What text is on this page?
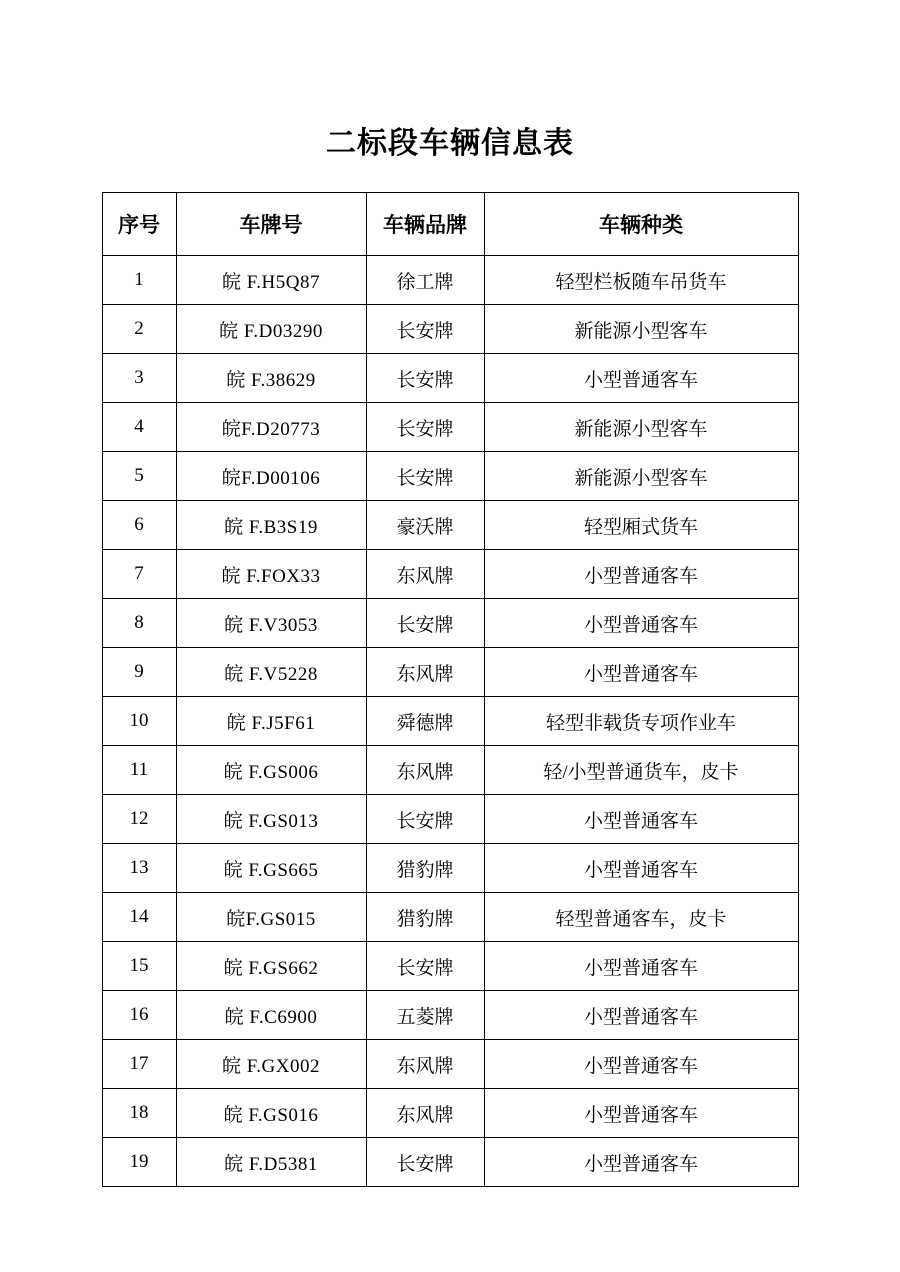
二标段车辆信息表
序号	车牌号	车辆品牌	车辆种类
1	皖 F.H5Q87	徐工牌	轻型栏板随车吊货车
2	皖 F.D03290	长安牌	新能源小型客车
3	皖 F.38629	长安牌	小型普通客车
4	皖F.D20773	长安牌	新能源小型客车
5	皖F.D00106	长安牌	新能源小型客车
6	皖 F.B3S19	豪沃牌	轻型厢式货车
7	皖 F.FOX33	东风牌	小型普通客车
8	皖 F.V3053	长安牌	小型普通客车
9	皖 F.V5228	东风牌	小型普通客车
10	皖 F.J5F61	舜德牌	轻型非载货专项作业车
11	皖 F.GS006	东风牌	轻/小型普通货车，皮卡
12	皖 F.GS013	长安牌	小型普通客车
13	皖 F.GS665	猎豹牌	小型普通客车
14	皖F.GS015	猎豹牌	轻型普通客车，皮卡
15	皖 F.GS662	长安牌	小型普通客车
16	皖 F.C6900	五菱牌	小型普通客车
17	皖 F.GX002	东风牌	小型普通客车
18	皖 F.GS016	东风牌	小型普通客车
19	皖 F.D5381	长安牌	小型普通客车
